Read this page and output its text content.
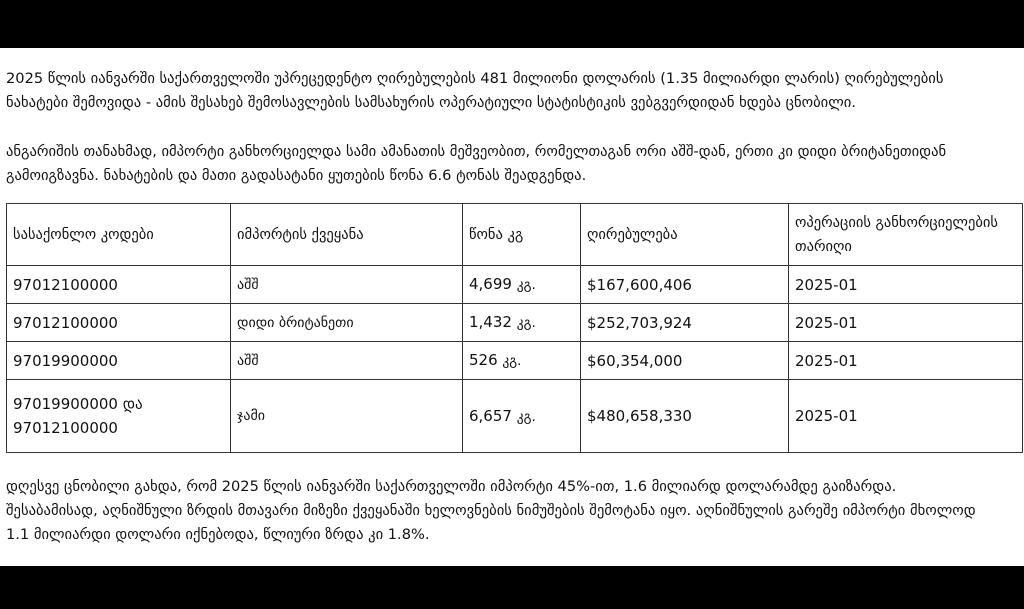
2025 წლის იანვარში საქართველოში უპრეცედენტო ღირებულების 481 მილიონი დოლარის (1.35 მილიარდი ლარის) ღირებულების
ნახატები შემოვიდა - ამის შესახებ შემოსავლების სამსახურის ოპერატიული სტატისტიკის ვებგვერდიდან ხდება ცნობილი.
ანგარიშის თანახმად, იმპორტი განხორციელდა სამი ამანათის მეშვეობით, რომელთაგან ორი აშშ-დან, ერთი კი დიდი ბრიტანეთიდან
გამოიგზავნა. ნახატების და მათი გადასატანი ყუთების წონა 6.6 ტონას შეადგენდა.
სასაქონლო კოდები	იმპორტის ქვეყანა	წონა კგ	ღირებულება	ოპერაციის განხორციელების
თარიღი
97012100000	აშშ	4,699 კგ.	$167,600,406	2025-01
97012100000	დიდი ბრიტანეთი	1,432 კგ.	$252,703,924	2025-01
97019900000	აშშ	526 კგ.	$60,354,000	2025-01
97019900000 და
97012100000	ჯამი	6,657 კგ.	$480,658,330	2025-01
დღესვე ცნობილი გახდა, რომ 2025 წლის იანვარში საქართველოში იმპორტი 45%-ით, 1.6 მილიარდ დოლარამდე გაიზარდა.
შესაბამისად, აღნიშნული ზრდის მთავარი მიზეზი ქვეყანაში ხელოვნების ნიმუშების შემოტანა იყო. აღნიშნულის გარეშე იმპორტი მხოლოდ
1.1 მილიარდი დოლარი იქნებოდა, წლიური ზრდა კი 1.8%.
